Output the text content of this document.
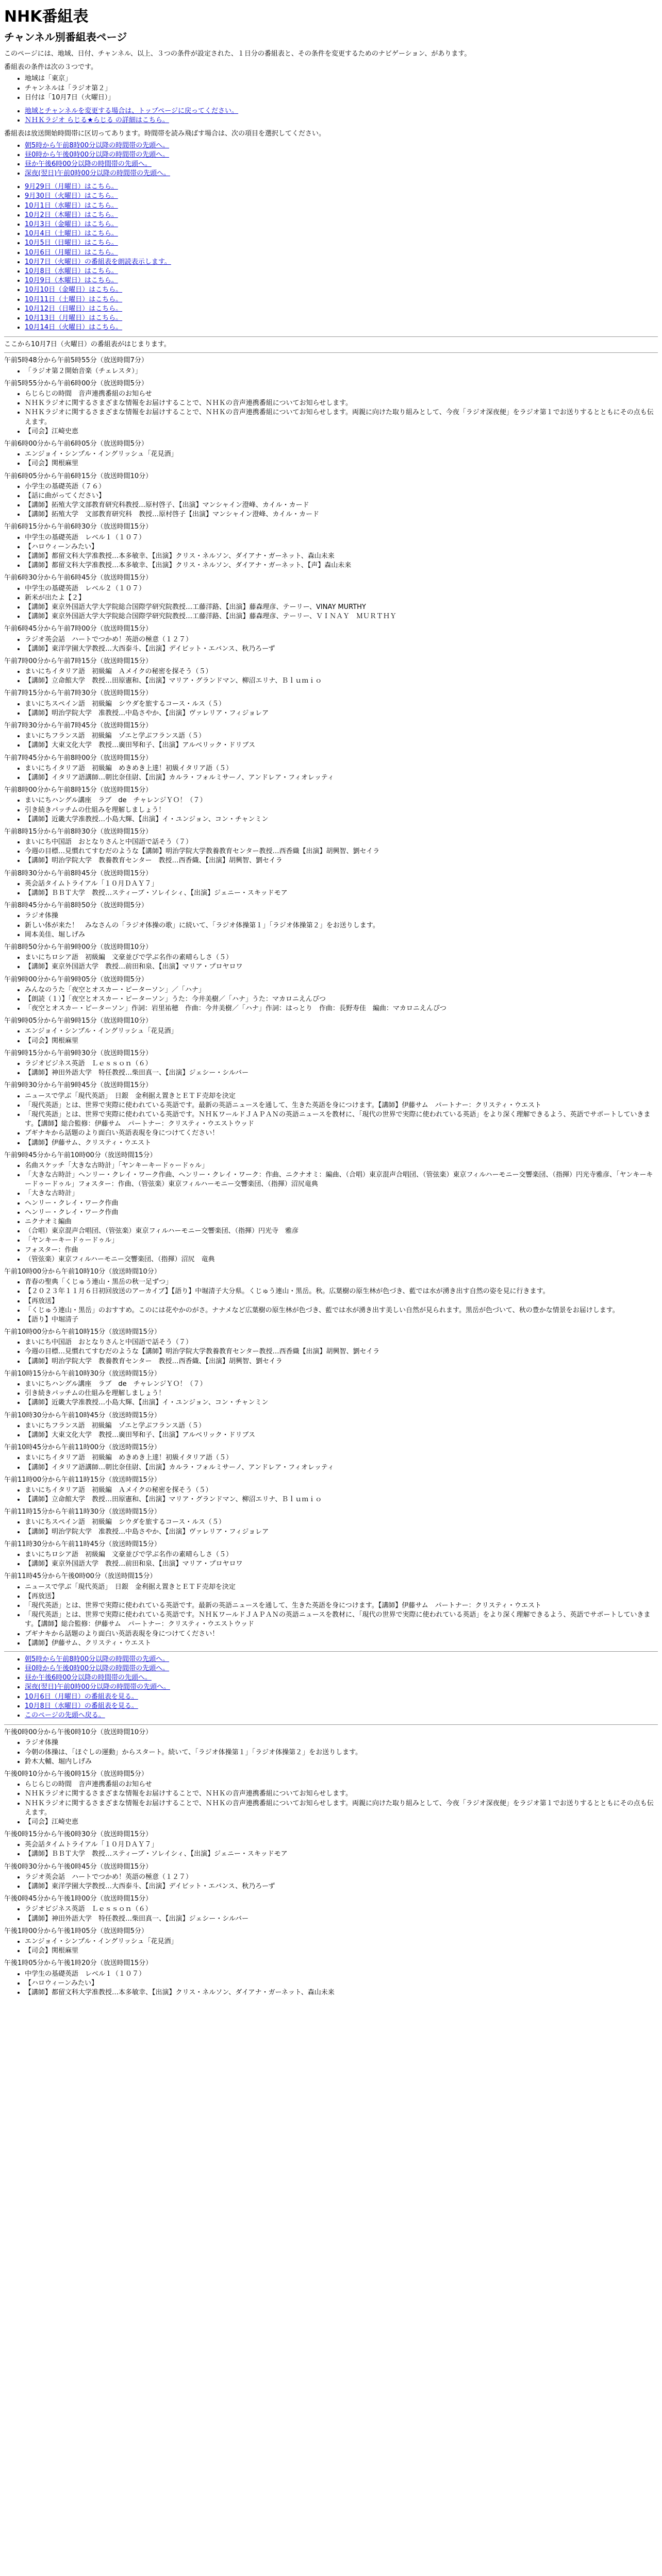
NHK番組表
チャンネル別番組表ページ

このページには、地域、日付、チャンネル、以上、３つの条件が設定された、１日分の番組表と、その条件を変更するためのナビゲーション、があります。

番組表の条件は次の３つです。
• 地域は「東京」
• チャンネルは「ラジオ第２」
• 日付は「10月7日（火曜日）」
• 地域とチャンネルを変更する場合は、トップページに戻ってください。
• ＮＨＫラジオ らじる★らじる の詳細はこちら。
番組表は放送開始時間帯に区切ってあります。時間帯を読み飛ばす場合は、次の項目を選択してください。
• 朝5時から午前8時00分以降の時間帯の先頭へ。
• 昼0時から午後0時00分以降の時間帯の先頭へ。
• 昼か午後6時00分以降の時間帯の先頭へ。
• 深夜(翌日)午前0時00分以降の時間帯の先頭へ。
• 9月29日（月曜日）はこちら。
• 9月30日（火曜日）はこちら。
• 10月1日（水曜日）はこちら。
• 10月2日（木曜日）はこちら。
• 10月3日（金曜日）はこちら。
• 10月4日（土曜日）はこちら。
• 10月5日（日曜日）はこちら。
• 10月6日（月曜日）はこちら。
• 10月7日（火曜日）の番組表を朗読表示します。
• 10月8日（水曜日）はこちら。
• 10月9日（木曜日）はこちら。
• 10月10日（金曜日）はこちら。
• 10月11日（土曜日）はこちら。
• 10月12日（日曜日）はこちら。
• 10月13日（月曜日）はこちら。
• 10月14日（火曜日）はこちら。
ここから10月7日（火曜日）の番組表がはじまります。
午前5時48分から午前5時55分（放送時間7分）
• 「ラジオ第２開始音楽（チェレスタ）」
午前5時55分から午前6時00分（放送時間5分）
• らじらじの時間　音声連携番組のお知らせ
• ＮＨＫラジオに関するさまざまな情報をお届けすることで、ＮＨＫの音声連携番組についてお知らせします。
• ＮＨＫラジオに関するさまざまな情報をお届けすることで、ＮＨＫの音声連携番組についてお知らせします。両親に向けた取り組みとして、今夜「ラジオ深夜便」をラジオ第１でお送りするとともにその点も伝えます。
• 【司会】江崎史恵
午前6時00分から午前6時05分（放送時間5分）
• エンジョイ・シンプル・イングリッシュ「花見酒」
• 【司会】関根麻里
午前6時05分から午前6時15分（放送時間10分）
• 小学生の基礎英語（７６）
• 【話に曲がってください】
• 【講師】拓殖大学文部教育研究科教授…原村啓子、【出演】マンシャイン澄峰、カイル・カード
• 【講師】拓殖大学　文部教育研究科　教授…原村啓子【出演】マンシャイン澄峰、カイル・カード
午前6時15分から午前6時30分（放送時間15分）
• 中学生の基礎英語　レベル１（１０７）
• 【ハロウィーンみたい】
• 【講師】都留文科大学准教授…本多敏幸、【出演】クリス・ネルソン、ダイアナ・ガーネット、森山未来
• 【講師】都留文科大学准教授…本多敏幸、【出演】クリス・ネルソン、ダイアナ・ガーネット、【声】森山未来
午前6時30分から午前6時45分（放送時間15分）
• 中学生の基礎英語　レベル２（１０７）
• 新米が出たよ【２】
• 【講師】東京外国語大学大学院総合国際学研究院教授…工藤洋路、【出演】藤森理彦、テーリー、VINAY MURTHY
• 【講師】東京外国語大学大学院総合国際学研究院教授…工藤洋路、【出演】藤森理彦、テーリー、ＶＩＮＡＹ　ＭＵＲＴＨＹ
午前6時45分から午前7時00分（放送時間15分）
• ラジオ英会話　ハートでつかめ！英語の極意（１２７）
• 【講師】東洋学園大学教授…大西泰斗、【出演】デイビット・エバンス、秋乃ろーず
午前7時00分から午前7時15分（放送時間15分）
• まいにちイタリア語　初級編　Ａメイクの秘密を探そう（５）
• 【講師】立命館大学　教授…田原憲和、【出演】マリア・グランドマン、柳沼エリナ、Ｂｌｕｍｉｏ
午前7時15分から午前7時30分（放送時間15分）
• まいにちスペイン語　初級編　シウダを旅するコース・ルス（５）
• 【講師】明治学院大学　准教授…中島さやか、【出演】ヴァレリア・フィジョレア
午前7時30分から午前7時45分（放送時間15分）
• まいにちフランス語　初級編　ゾエと学ぶフランス語（５）
• 【講師】大東文化大学　教授…廣田琴和子、【出演】アルベリック・ドリブス
午前7時45分から午前8時00分（放送時間15分）
• まいにちイタリア語　初級編　めきめき上達！初級イタリア語（５）
• 【講師】イタリア語講師…朝比奈佳尉、【出演】カルラ・フォルミサーノ、アンドレア・フィオレッティ
午前8時00分から午前8時15分（放送時間15分）
• まいにちハングル講座　ラブ　de　チャレンジＹＯ！（７）
• 引き続きパッチムの仕組みを理解しましょう！
• 【講師】近畿大学准教授…小島大輝、【出演】イ・ユンジョン、コン・チャンミン
午前8時15分から午前8時30分（放送時間15分）
• まいにち中国語　おとなりさんと中国語で話そう（７）
• 今週の目標…見慣れてすむだのような【講師】明治学院大学教養教育センター教授…西香織【出演】胡興智、劉セイラ
• 【講師】明治学院大学　教養教育センター　教授…西香織、【出演】胡興智、劉セイラ
午前8時30分から午前8時45分（放送時間15分）
• 英会話タイムトライアル「１０月ＤＡＹ７」
• 【講師】ＢＢＴ大学　教授…スティーブ・ソレイシィ、【出演】ジェニー・スキッドモア
午前8時45分から午前8時50分（放送時間5分）
• ラジオ体操
• 新しい体が来た！　みなさんの「ラジオ体操の歌」に続いて、「ラジオ体操第１」「ラジオ体操第２」をお送りします。
• 岡本美佳、堀しげみ
午前8時50分から午前9時00分（放送時間10分）
• まいにちロシア語　初級編　文豪並びで学ぶ名作の素晴らしさ（５）
• 【講師】東京外国語大学　教授…前田和泉、【出演】マリア・プロヤロワ
午前9時00分から午前9時05分（放送時間5分）
• みんなのうた「夜空とオスカー・ピーターソン」／「ハナ」
• 【朗読（１）】「夜空とオスカー・ピーターソン」うた：今井美樹／「ハナ」うた：マカロニえんぴつ
• 「夜空とオスカー・ピーターソン」作詞：岩里祐穂　作曲：今井美樹／「ハナ」作詞：はっとり　作曲：長野寿佳　編曲：マカロニえんぴつ
午前9時05分から午前9時15分（放送時間10分）
• エンジョイ・シンプル・イングリッシュ「花見酒」
• 【司会】関根麻里
午前9時15分から午前9時30分（放送時間15分）
• ラジオビジネス英語　Ｌｅｓｓｏｎ（６）
• 【講師】神田外語大学　特任教授…柴田真一、【出演】ジェシー・シルバー
午前9時30分から午前9時45分（放送時間15分）
• ニュースで学ぶ「現代英語」　日銀　金利据え置きとＥＴＦ売却を決定
• 「現代英語」とは、世界で実際に使われている英語です。最新の英語ニュースを通して、生きた英語を身につけます。【講師】伊藤サム　パートナー：クリスティ・ウエスト
• 「現代英語」とは、世界で実際に使われている英語です。ＮＨＫワールドＪＡＰＡＮの英語ニュースを教材に、「現代の世界で実際に使われている英語」をより深く理解できるよう、英語でサポートしていきます。【講師】総合監修：伊藤サム　パートナー：クリスティ・ウエストウッド
• ブギナキから話題のより面白い英語表現を身につけてください！
• 【講師】伊藤サム、クリスティ・ウエスト
午前9時45分から午前10時00分（放送時間15分）
• 名曲スケッチ「大きな古時計」「ヤンキーキードゥードゥル」
• 「大きな古時計」ヘンリー・クレイ・ワーク作曲、ヘンリー・クレイ・ワーク：作曲、ニクナオミ：編曲、（合唱）東京混声合唱団、（管弦楽）東京フィルハーモニー交響楽団、（指揮）円光寺雅彦、「ヤンキーキードゥードゥル」フォスター：作曲、（管弦楽）東京フィルハーモニー交響楽団、（指揮）沼尻竜典
• 「大きな古時計」
• ヘンリー・クレイ・ワーク作曲
• ヘンリー・クレイ・ワーク作曲
• ニクナオミ編曲
• （合唱）東京混声合唱団、（管弦楽）東京フィルハーモニー交響楽団、（指揮）円光寺　雅彦
• 「ヤンキーキードゥードゥル」
• フォスター：作曲
• （管弦楽）東京フィルハーモニー交響楽団、（指揮）沼尻　竜典
午前10時00分から午前10時10分（放送時間10分）
• 青春の聖典「くじゅう連山・黒岳の秋一足ずつ」
• 【２０２３年１１月６日初回放送のアーカイブ】【語り】中堀清子大分県。くじゅう連山・黒岳。秋。広葉樹の原生林が色づき、藍では水が湧き出す自然の姿を見に行きます。
• 【再放送】
• 「くじゅう連山・黒岳」のおすすめ。このには花やかのがさ。ナナメなど広葉樹の原生林が色づき、藍では水が湧き出す美しい自然が見られます。黒岳が色づいて、秋の豊かな情景をお届けします。
• 【語り】中堀清子
午前10時00分から午前10時15分（放送時間15分）
• まいにち中国語　おとなりさんと中国語で話そう（７）
• 今週の目標…見慣れてすむだのような【講師】明治学院大学教養教育センター教授…西香織【出演】胡興智、劉セイラ
• 【講師】明治学院大学　教養教育センター　教授…西香織、【出演】胡興智、劉セイラ
午前10時15分から午前10時30分（放送時間15分）
• まいにちハングル講座　ラブ　de　チャレンジＹＯ！（７）
• 引き続きパッチムの仕組みを理解しましょう！
• 【講師】近畿大学准教授…小島大輝、【出演】イ・ユンジョン、コン・チャンミン
午前10時30分から午前10時45分（放送時間15分）
• まいにちフランス語　初級編　ゾエと学ぶフランス語（５）
• 【講師】大東文化大学　教授…廣田琴和子、【出演】アルベリック・ドリブス
午前10時45分から午前11時00分（放送時間15分）
• まいにちイタリア語　初級編　めきめき上達！初級イタリア語（５）
• 【講師】イタリア語講師…朝比奈佳尉、【出演】カルラ・フォルミサーノ、アンドレア・フィオレッティ
午前11時00分から午前11時15分（放送時間15分）
• まいにちイタリア語　初級編　Ａメイクの秘密を探そう（５）
• 【講師】立命館大学　教授…田原憲和、【出演】マリア・グランドマン、柳沼エリナ、Ｂｌｕｍｉｏ
午前11時15分から午前11時30分（放送時間15分）
• まいにちスペイン語　初級編　シウダを旅するコース・ルス（５）
• 【講師】明治学院大学　准教授…中島さやか、【出演】ヴァレリア・フィジョレア
午前11時30分から午前11時45分（放送時間15分）
• まいにちロシア語　初級編　文豪並びで学ぶ名作の素晴らしさ（５）
• 【講師】東京外国語大学　教授…前田和泉、【出演】マリア・プロヤロワ
午前11時45分から午後0時00分（放送時間15分）
• ニュースで学ぶ「現代英語」　日銀　金利据え置きとＥＴＦ売却を決定
• 【再放送】
• 「現代英語」とは、世界で実際に使われている英語です。最新の英語ニュースを通して、生きた英語を身につけます。【講師】伊藤サム　パートナー：クリスティ・ウエスト
• 「現代英語」とは、世界で実際に使われている英語です。ＮＨＫワールドＪＡＰＡＮの英語ニュースを教材に、「現代の世界で実際に使われている英語」をより深く理解できるよう、英語でサポートしていきます。【講師】総合監修：伊藤サム　パートナー：クリスティ・ウエストウッド
• ブギナキから話題のより面白い英語表現を身につけてください！
• 【講師】伊藤サム、クリスティ・ウエスト
• 朝5時から午前8時00分以降の時間帯の先頭へ。
• 昼0時から午後0時00分以降の時間帯の先頭へ。
• 昼か午後6時00分以降の時間帯の先頭へ。
• 深夜(翌日)午前0時00分以降の時間帯の先頭へ。
• 10月6日（月曜日）の番組表を見る。
• 10月8日（水曜日）の番組表を見る。
• このページの先頭へ戻る。
午後0時00分から午後0時10分（放送時間10分）
• ラジオ体操
• 今朝の体操は、「ほぐしの運動」からスタート。続いて、「ラジオ体操第１」「ラジオ体操第２」をお送りします。
• 鈴木大輔、堀内しげみ
午後0時10分から午後0時15分（放送時間5分）
• らじらじの時間　音声連携番組のお知らせ
• ＮＨＫラジオに関するさまざまな情報をお届けすることで、ＮＨＫの音声連携番組についてお知らせします。
• ＮＨＫラジオに関するさまざまな情報をお届けすることで、ＮＨＫの音声連携番組についてお知らせします。両親に向けた取り組みとして、今夜「ラジオ深夜便」をラジオ第１でお送りするとともにその点も伝えます。
• 【司会】江崎史恵
午後0時15分から午後0時30分（放送時間15分）
• 英会話タイムトライアル「１０月ＤＡＹ７」
• 【講師】ＢＢＴ大学　教授…スティーブ・ソレイシィ、【出演】ジェニー・スキッドモア
午後0時30分から午後0時45分（放送時間15分）
• ラジオ英会話　ハートでつかめ！英語の極意（１２７）
• 【講師】東洋学園大学教授…大西泰斗、【出演】デイビット・エバンス、秋乃ろーず
午後0時45分から午後1時00分（放送時間15分）
• ラジオビジネス英語　Ｌｅｓｓｏｎ（６）
• 【講師】神田外語大学　特任教授…柴田真一、【出演】ジェシー・シルバー
午後1時00分から午後1時05分（放送時間5分）
• エンジョイ・シンプル・イングリッシュ「花見酒」
• 【司会】関根麻里
午後1時05分から午後1時20分（放送時間15分）
• 中学生の基礎英語　レベル１（１０７）
• 【ハロウィーンみたい】
• 【講師】都留文科大学准教授…本多敏幸、【出演】クリス・ネルソン、ダイアナ・ガーネット、森山未来
